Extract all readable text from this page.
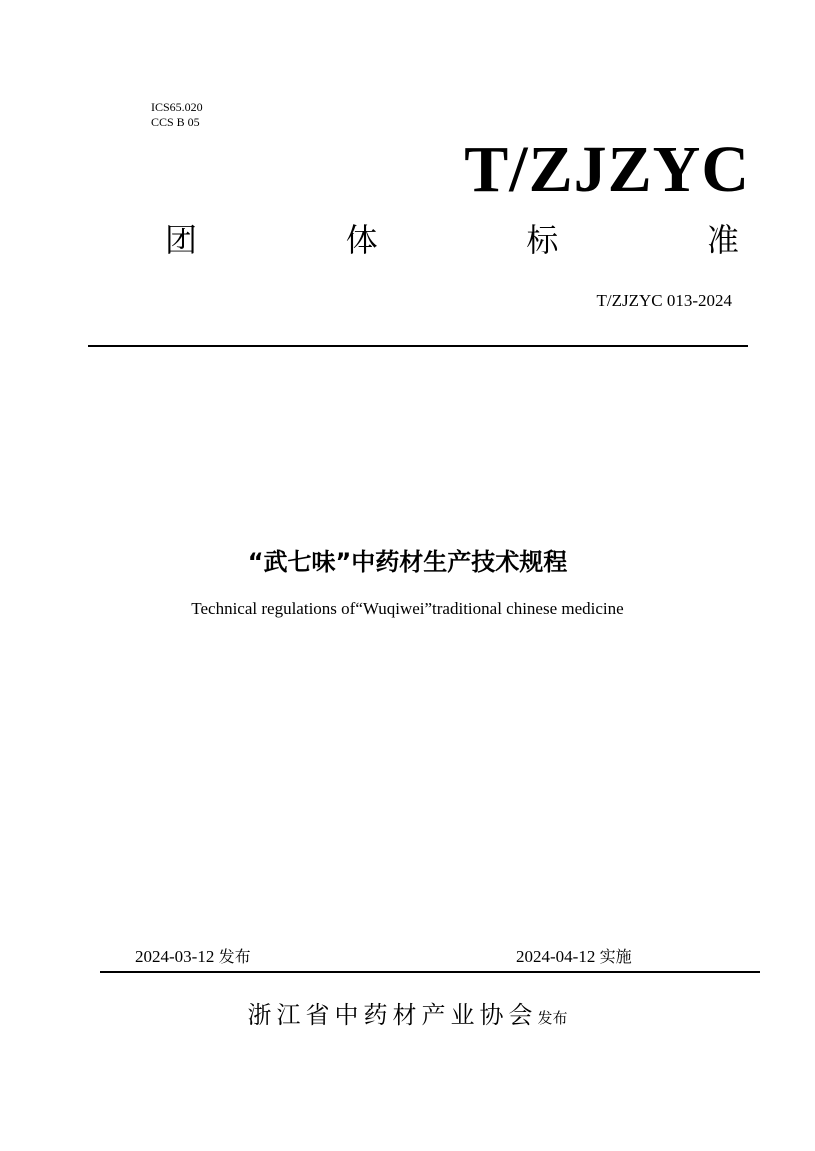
ICS65.020
CCS B 05
T/ZJZYC
团	体	标	准
T/ZJZYC 013-2024
“武七味”中药材生产技术规程
Technical regulations of“Wuqiwei”traditional chinese medicine
2024-03-12 发布	2024-04-12 实施
浙江省中药材产业协会发布
